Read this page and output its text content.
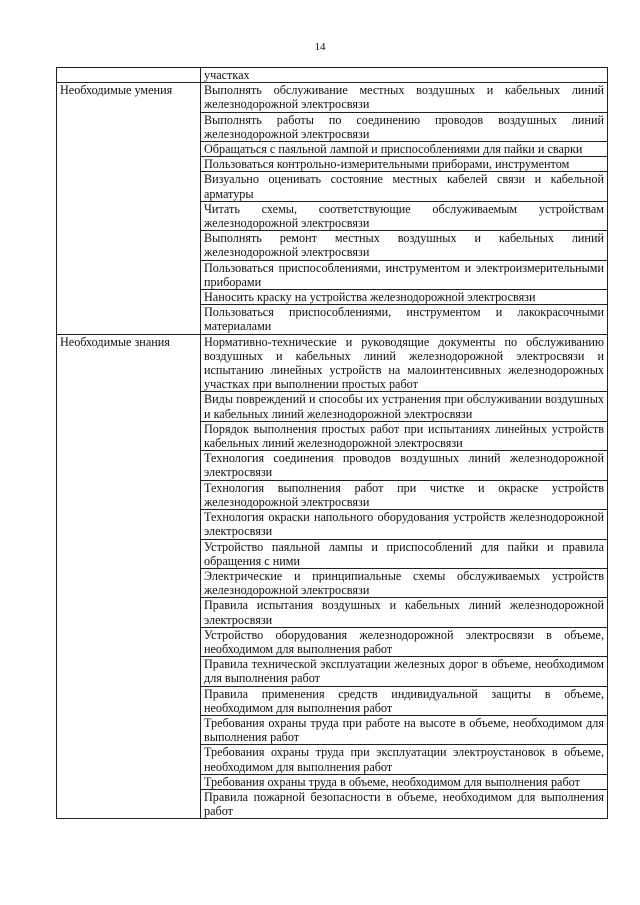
14
	участках
Необходимые умения	Выполнять обслуживание местных воздушных и кабельных линий железнодорожной электросвязи
	Выполнять работы по соединению проводов воздушных линий железнодорожной электросвязи
	Обращаться с паяльной лампой и приспособлениями для пайки и сварки
	Пользоваться контрольно-измерительными приборами, инструментом
	Визуально оценивать состояние местных кабелей связи и кабельной арматуры
	Читать схемы, соответствующие обслуживаемым устройствам железнодорожной электросвязи
	Выполнять ремонт местных воздушных и кабельных линий железнодорожной электросвязи
	Пользоваться приспособлениями, инструментом и электроизмерительными приборами
	Наносить краску на устройства железнодорожной электросвязи
	Пользоваться приспособлениями, инструментом и лакокрасочными материалами
Необходимые знания	Нормативно-технические и руководящие документы по обслуживанию воздушных и кабельных линий железнодорожной электросвязи и испытанию линейных устройств на малоинтенсивных железнодорожных участках при выполнении простых работ
	Виды повреждений и способы их устранения при обслуживании воздушных и кабельных линий железнодорожной электросвязи
	Порядок выполнения простых работ при испытаниях линейных устройств кабельных линий железнодорожной электросвязи
	Технология соединения проводов воздушных линий железнодорожной электросвязи
	Технология выполнения работ при чистке и окраске устройств железнодорожной электросвязи
	Технология окраски напольного оборудования устройств железнодорожной электросвязи
	Устройство паяльной лампы и приспособлений для пайки и правила обращения с ними
	Электрические и принципиальные схемы обслуживаемых устройств железнодорожной электросвязи
	Правила испытания воздушных и кабельных линий железнодорожной электросвязи
	Устройство оборудования железнодорожной электросвязи в объеме, необходимом для выполнения работ
	Правила технической эксплуатации железных дорог в объеме, необходимом для выполнения работ
	Правила применения средств индивидуальной защиты в объеме, необходимом для выполнения работ
	Требования охраны труда при работе на высоте в объеме, необходимом для выполнения работ
	Требования охраны труда при эксплуатации электроустановок в объеме, необходимом для выполнения работ
	Требования охраны труда в объеме, необходимом для выполнения работ
	Правила пожарной безопасности в объеме, необходимом для выполнения работ
